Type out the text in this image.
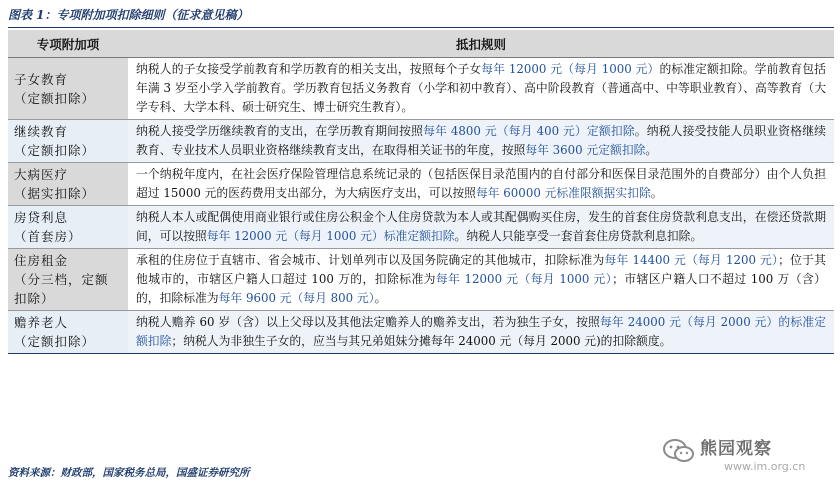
图表 1：专项附加项扣除细则（征求意见稿）
专项附加项	抵扣规则

子女教育
（定额扣除）	纳税人的子女接受学前教育和学历教育的相关支出，按照每个子女每年 12000 元（每月 1000 元）的标准定额扣除。学前教育包括年满 3 岁至小学入学前教育。学历教育包括义务教育（小学和初中教育）、高中阶段教育（普通高中、中等职业教育）、高等教育（大学专科、大学本科、硕士研究生、博士研究生教育）。

继续教育
（定额扣除）	纳税人接受学历继续教育的支出，在学历教育期间按照每年 4800 元（每月 400 元）定额扣除。纳税人接受技能人员职业资格继续教育、专业技术人员职业资格继续教育支出，在取得相关证书的年度，按照每年 3600 元定额扣除。

大病医疗
（据实扣除）	一个纳税年度内，在社会医疗保险管理信息系统记录的（包括医保目录范围内的自付部分和医保目录范围外的自费部分）由个人负担超过 15000 元的医药费用支出部分，为大病医疗支出，可以按照每年 60000 元标准限额据实扣除。

房贷利息
（首套房）	纳税人本人或配偶使用商业银行或住房公积金个人住房贷款为本人或其配偶购买住房，发生的首套住房贷款利息支出，在偿还贷款期间，可以按照每年 12000 元（每月 1000 元）标准定额扣除。纳税人只能享受一套首套住房贷款利息扣除。

住房租金
（分三档，定额
扣除）	承租的住房位于直辖市、省会城市、计划单列市以及国务院确定的其他城市，扣除标准为每年 14400 元（每月 1200 元）；位于其他城市的，市辖区户籍人口超过 100 万的，扣除标准为每年 12000 元（每月 1000 元）；市辖区户籍人口不超过 100 万（含）的，扣除标准为每年 9600 元（每月 800 元）。

赡养老人
（定额扣除）	纳税人赡养 60 岁（含）以上父母以及其他法定赡养人的赡养支出，若为独生子女，按照每年 24000 元（每月 2000 元）的标准定额扣除；纳税人为非独生子女的，应当与其兄弟姐妹分摊每年 24000 元（每月 2000 元)的扣除额度。
资料来源：财政部，国家税务总局，国盛证券研究所
熊园观察
www.im.org.cn
